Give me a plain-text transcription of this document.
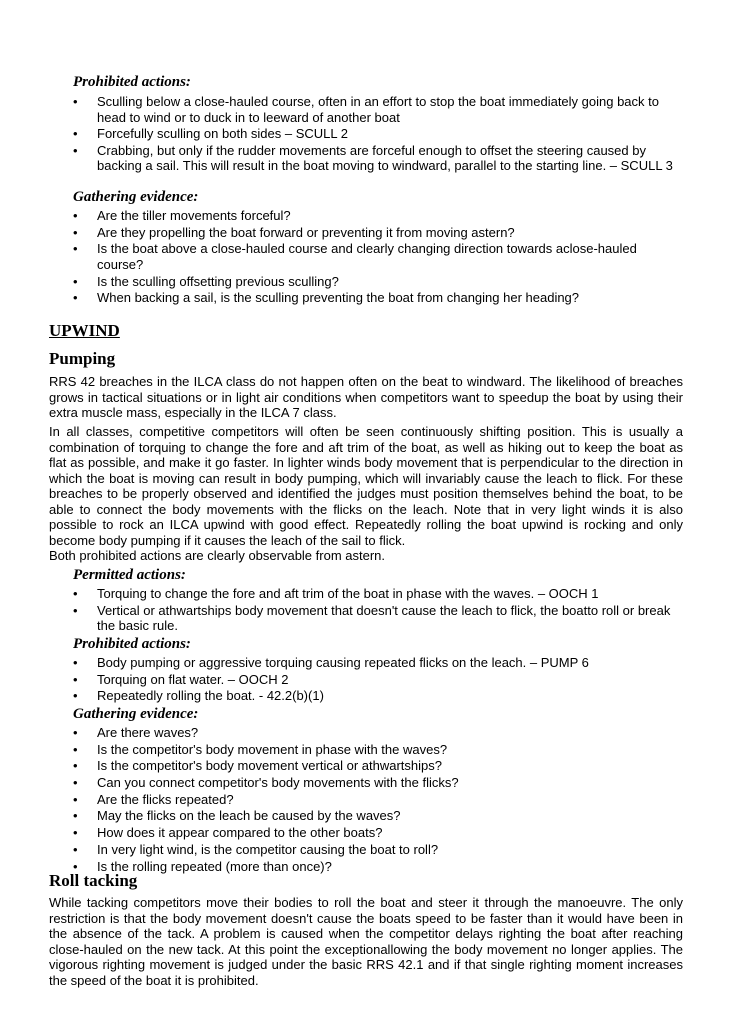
Prohibited actions:
• Sculling below a close-hauled course, often in an effort to stop the boat immediately going back to head to wind or to duck in to leeward of another boat
• Forcefully sculling on both sides – SCULL 2
• Crabbing, but only if the rudder movements are forceful enough to offset the steering caused by backing a sail. This will result in the boat moving to windward, parallel to the starting line. – SCULL 3
Gathering evidence:
• Are the tiller movements forceful?
• Are they propelling the boat forward or preventing it from moving astern?
• Is the boat above a close-hauled course and clearly changing direction towards aclose-hauled course?
• Is the sculling offsetting previous sculling?
• When backing a sail, is the sculling preventing the boat from changing her heading?
UPWIND
Pumping

RRS 42 breaches in the ILCA class do not happen often on the beat to windward. The likelihood of breaches grows in tactical situations or in light air conditions when competitors want to speedup the boat by using their extra muscle mass, especially in the ILCA 7 class.

In all classes, competitive competitors will often be seen continuously shifting position. This is usually a combination of torquing to change the fore and aft trim of the boat, as well as hiking out to keep the boat as flat as possible, and make it go faster. In lighter winds body movement that is perpendicular to the direction in which the boat is moving can result in body pumping, which will invariably cause the leach to flick. For these breaches to be properly observed and identified the judges must position themselves behind the boat, to be able to connect the body movements with the flicks on the leach. Note that in very light winds it is also possible to rock an ILCA upwind with good effect. Repeatedly rolling the boat upwind is rocking and only become body pumping if it causes the leach of the sail to flick.

Both prohibited actions are clearly observable from astern.

Permitted actions:
• Torquing to change the fore and aft trim of the boat in phase with the waves. – OOCH 1
• Vertical or athwartships body movement that doesn't cause the leach to flick, the boatto roll or break the basic rule.
Prohibited actions:
• Body pumping or aggressive torquing causing repeated flicks on the leach. – PUMP 6
• Torquing on flat water. – OOCH 2
• Repeatedly rolling the boat. - 42.2(b)(1)
Gathering evidence:
• Are there waves?
• Is the competitor's body movement in phase with the waves?
• Is the competitor's body movement vertical or athwartships?
• Can you connect competitor's body movements with the flicks?
• Are the flicks repeated?
• May the flicks on the leach be caused by the waves?
• How does it appear compared to the other boats?
• In very light wind, is the competitor causing the boat to roll?
• Is the rolling repeated (more than once)?
Roll tacking

While tacking competitors move their bodies to roll the boat and steer it through the manoeuvre. The only restriction is that the body movement doesn't cause the boats speed to be faster than it would have been in the absence of the tack. A problem is caused when the competitor delays righting the boat after reaching close-hauled on the new tack. At this point the exceptionallowing the body movement no longer applies. The vigorous righting movement is judged under the basic RRS 42.1 and if that single righting moment increases the speed of the boat it is prohibited.
